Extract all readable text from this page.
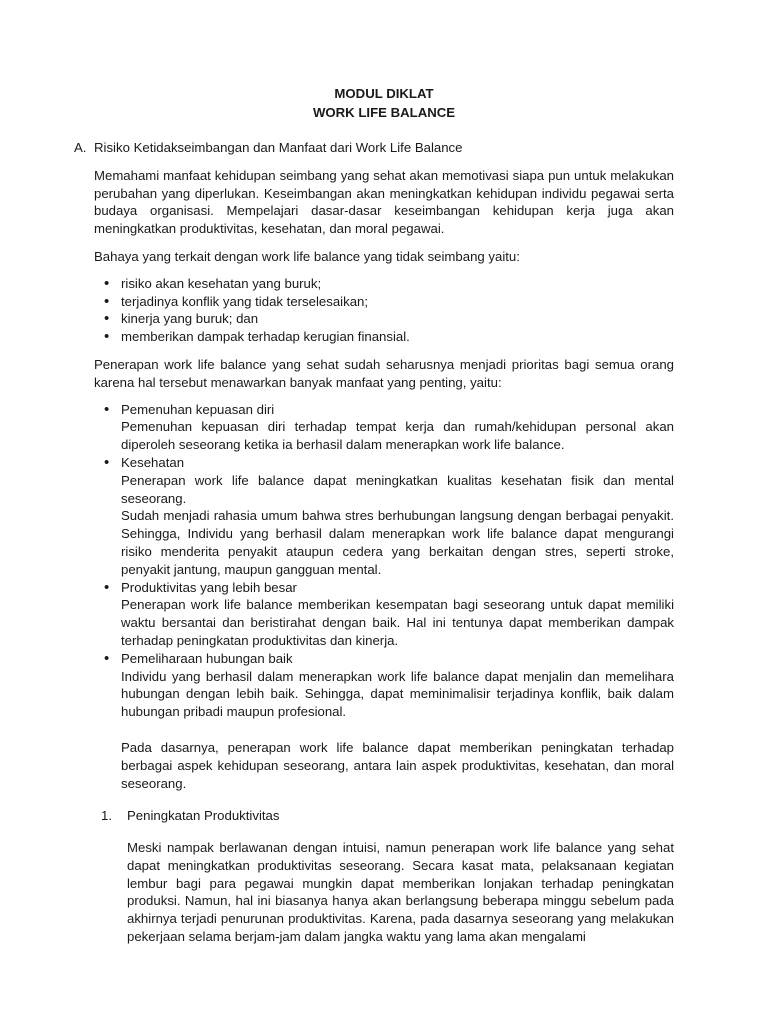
MODUL DIKLAT
WORK LIFE BALANCE
A. Risiko Ketidakseimbangan dan Manfaat dari Work Life Balance

Memahami manfaat kehidupan seimbang yang sehat akan memotivasi siapa pun untuk melakukan perubahan yang diperlukan. Keseimbangan akan meningkatkan kehidupan individu pegawai serta budaya organisasi. Mempelajari dasar-dasar keseimbangan kehidupan kerja juga akan meningkatkan produktivitas, kesehatan, dan moral pegawai.

Bahaya yang terkait dengan work life balance yang tidak seimbang yaitu:

• risiko akan kesehatan yang buruk;
• terjadinya konflik yang tidak terselesaikan;
• kinerja yang buruk; dan
• memberikan dampak terhadap kerugian finansial.

Penerapan work life balance yang sehat sudah seharusnya menjadi prioritas bagi semua orang karena hal tersebut menawarkan banyak manfaat yang penting, yaitu:

• Pemenuhan kepuasan diri

Pemenuhan kepuasan diri terhadap tempat kerja dan rumah/kehidupan personal akan diperoleh seseorang ketika ia berhasil dalam menerapkan work life balance.

• Kesehatan

Penerapan work life balance dapat meningkatkan kualitas kesehatan fisik dan mental seseorang.

Sudah menjadi rahasia umum bahwa stres berhubungan langsung dengan berbagai penyakit. Sehingga, Individu yang berhasil dalam menerapkan work life balance dapat mengurangi risiko menderita penyakit ataupun cedera yang berkaitan dengan stres, seperti stroke, penyakit jantung, maupun gangguan mental.

• Produktivitas yang lebih besar

Penerapan work life balance memberikan kesempatan bagi seseorang untuk dapat memiliki waktu bersantai dan beristirahat dengan baik. Hal ini tentunya dapat memberikan dampak terhadap peningkatan produktivitas dan kinerja.

• Pemeliharaan hubungan baik

Individu yang berhasil dalam menerapkan work life balance dapat menjalin dan memelihara hubungan dengan lebih baik. Sehingga, dapat meminimalisir terjadinya konflik, baik dalam hubungan pribadi maupun profesional.

Pada dasarnya, penerapan work life balance dapat memberikan peningkatan terhadap berbagai aspek kehidupan seseorang, antara lain aspek produktivitas, kesehatan, dan moral seseorang.

1.	Peningkatan Produktivitas

Meski nampak berlawanan dengan intuisi, namun penerapan work life balance yang sehat dapat meningkatkan produktivitas seseorang. Secara kasat mata, pelaksanaan kegiatan lembur bagi para pegawai mungkin dapat memberikan lonjakan terhadap peningkatan produksi. Namun, hal ini biasanya hanya akan berlangsung beberapa minggu sebelum pada akhirnya terjadi penurunan produktivitas. Karena, pada dasarnya seseorang yang melakukan pekerjaan selama berjam-jam dalam jangka waktu yang lama akan mengalami
